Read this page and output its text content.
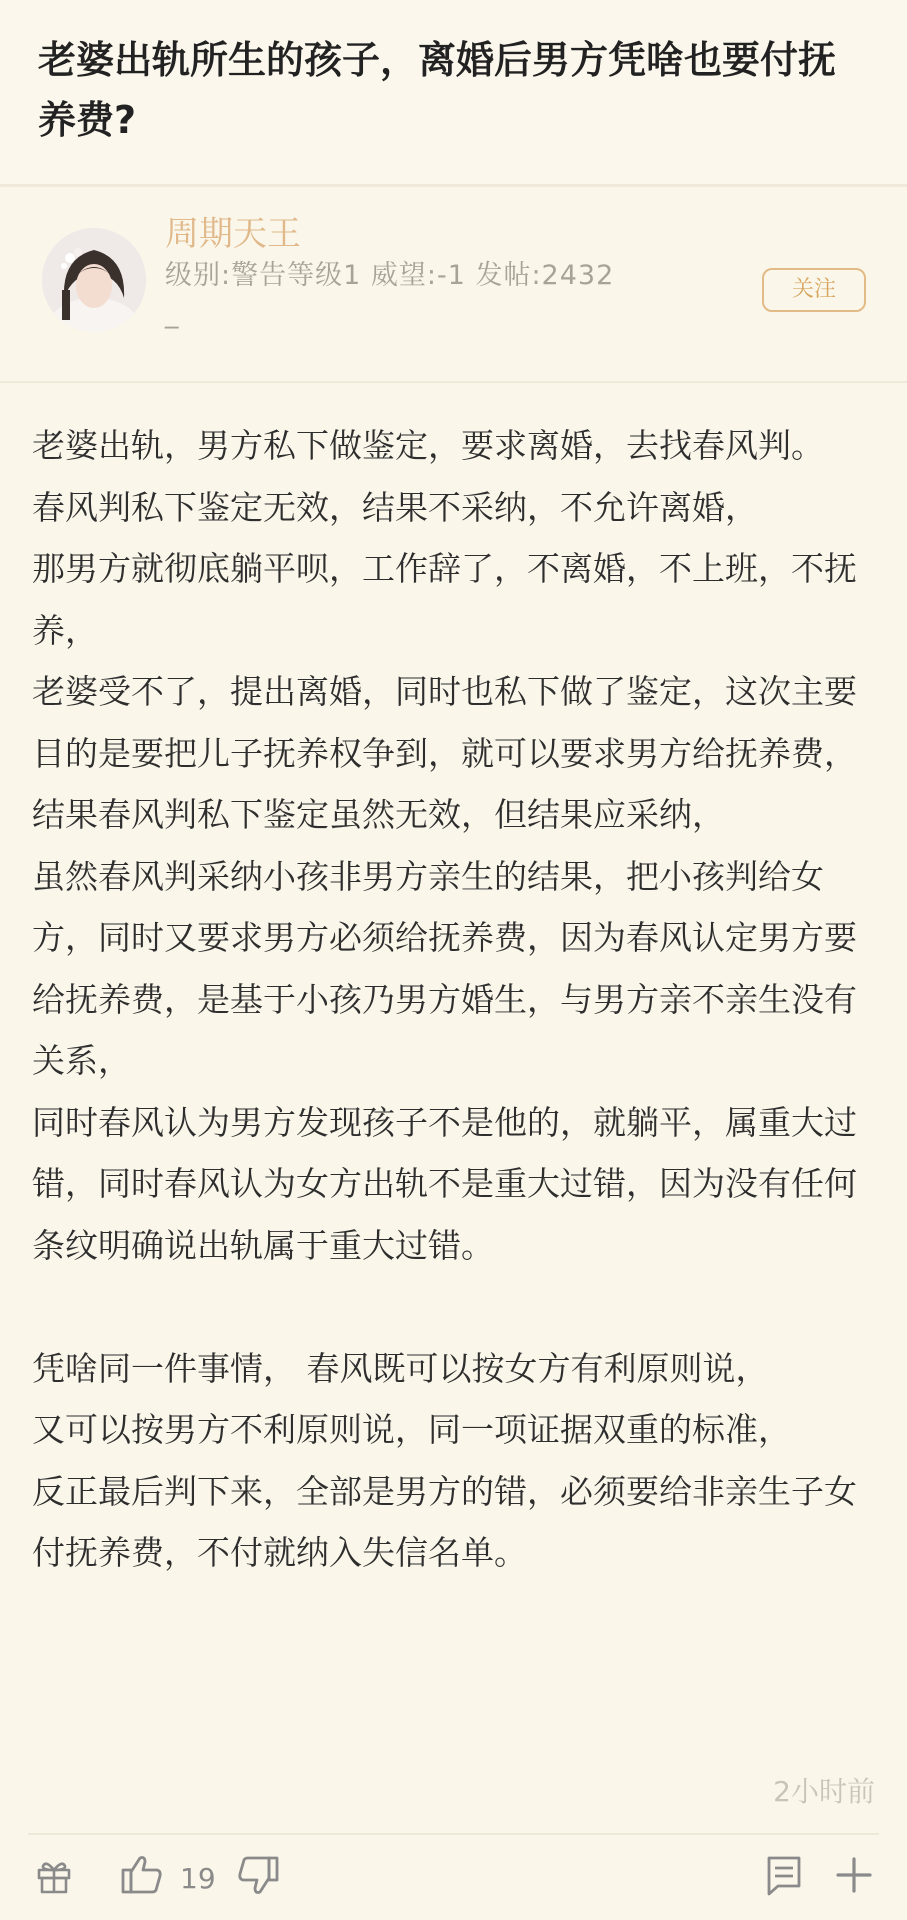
老婆出轨所生的孩子，离婚后男方凭啥也要付抚养费?
周期天王
级别:警告等级1 威望:-1 发帖:2432
_
关注

老婆出轨，男方私下做鉴定，要求离婚，去找春风判。

春风判私下鉴定无效，结果不采纳，不允许离婚，

那男方就彻底躺平呗，工作辞了，不离婚，不上班，不抚养，

老婆受不了，提出离婚，同时也私下做了鉴定，这次主要目的是要把儿子抚养权争到，就可以要求男方给抚养费，

结果春风判私下鉴定虽然无效，但结果应采纳，

虽然春风判采纳小孩非男方亲生的结果，把小孩判给女方，同时又要求男方必须给抚养费，因为春风认定男方要给抚养费，是基于小孩乃男方婚生，与男方亲不亲生没有关系，

同时春风认为男方发现孩子不是他的，就躺平，属重大过错，同时春风认为女方出轨不是重大过错，因为没有任何条纹明确说出轨属于重大过错。

凭啥同一件事情， 春风既可以按女方有利原则说，

又可以按男方不利原则说，同一项证据双重的标准，

反正最后判下来，全部是男方的错，必须要给非亲生子女付抚养费，不付就纳入失信名单。

2小时前
19
